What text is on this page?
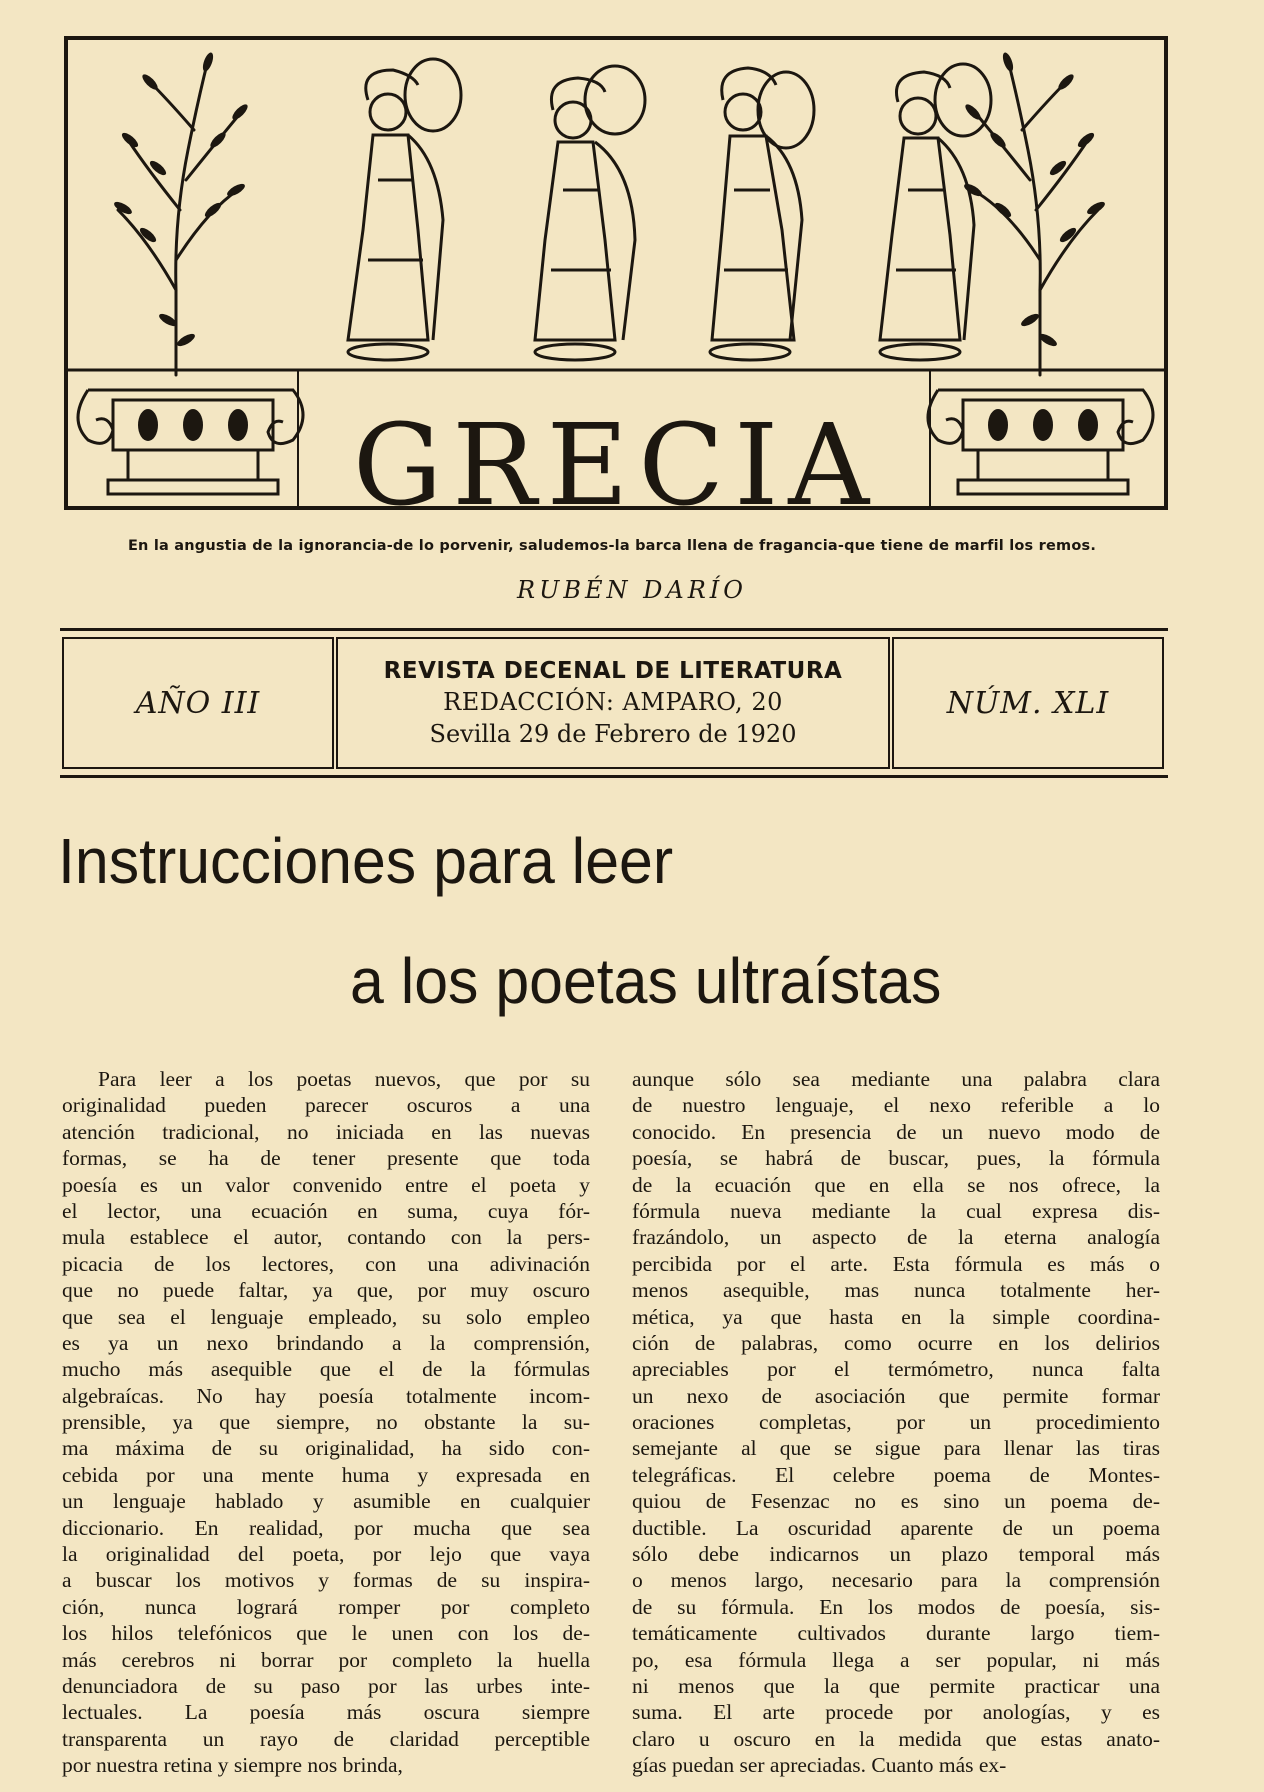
GRECIA
En la angustia de la ignorancia-de lo porvenir, saludemos-la barca llena de fragancia-que tiene de marfil los remos.
RUBÉN DARÍO
AÑO III
REVISTA DECENAL DE LITERATURA
REDACCIÓN: AMPARO, 20
Sevilla 29 de Febrero de 1920
NÚM. XLI
Instrucciones para leer
a los poetas ultraístas
Para leer a los poetas nuevos, que por su
originalidad pueden parecer oscuros a una
atención tradicional, no iniciada en las nuevas
formas, se ha de tener presente que toda
poesía es un valor convenido entre el poeta y
el lector, una ecuación en suma, cuya fór-
mula establece el autor, contando con la pers-
picacia de los lectores, con una adivinación
que no puede faltar, ya que, por muy oscuro
que sea el lenguaje empleado, su solo empleo
es ya un nexo brindando a la comprensión,
mucho más asequible que el de la fórmulas
algebraícas. No hay poesía totalmente incom-
prensible, ya que siempre, no obstante la su-
ma máxima de su originalidad, ha sido con-
cebida por una mente huma y expresada en
un lenguaje hablado y asumible en cualquier
diccionario. En realidad, por mucha que sea
la originalidad del poeta, por lejo que vaya
a buscar los motivos y formas de su inspira-
ción, nunca logrará romper por completo
los hilos telefónicos que le unen con los de-
más cerebros ni borrar por completo la huella
denunciadora de su paso por las urbes inte-
lectuales. La poesía más oscura siempre
transparenta un rayo de claridad perceptible
por nuestra retina y siempre nos brinda,
aunque sólo sea mediante una palabra clara
de nuestro lenguaje, el nexo referible a lo
conocido. En presencia de un nuevo modo de
poesía, se habrá de buscar, pues, la fórmula
de la ecuación que en ella se nos ofrece, la
fórmula nueva mediante la cual expresa dis-
frazándolo, un aspecto de la eterna analogía
percibida por el arte. Esta fórmula es más o
menos asequible, mas nunca totalmente her-
mética, ya que hasta en la simple coordina-
ción de palabras, como ocurre en los delirios
apreciables por el termómetro, nunca falta
un nexo de asociación que permite formar
oraciones completas, por un procedimiento
semejante al que se sigue para llenar las tiras
telegráficas. El celebre poema de Montes-
quiou de Fesenzac no es sino un poema de-
ductible. La oscuridad aparente de un poema
sólo debe indicarnos un plazo temporal más
o menos largo, necesario para la comprensión
de su fórmula. En los modos de poesía, sis-
temáticamente cultivados durante largo tiem-
po, esa fórmula llega a ser popular, ni más
ni menos que la que permite practicar una
suma. El arte procede por anologías, y es
claro u oscuro en la medida que estas anato-
gías puedan ser apreciadas. Cuanto más ex-
